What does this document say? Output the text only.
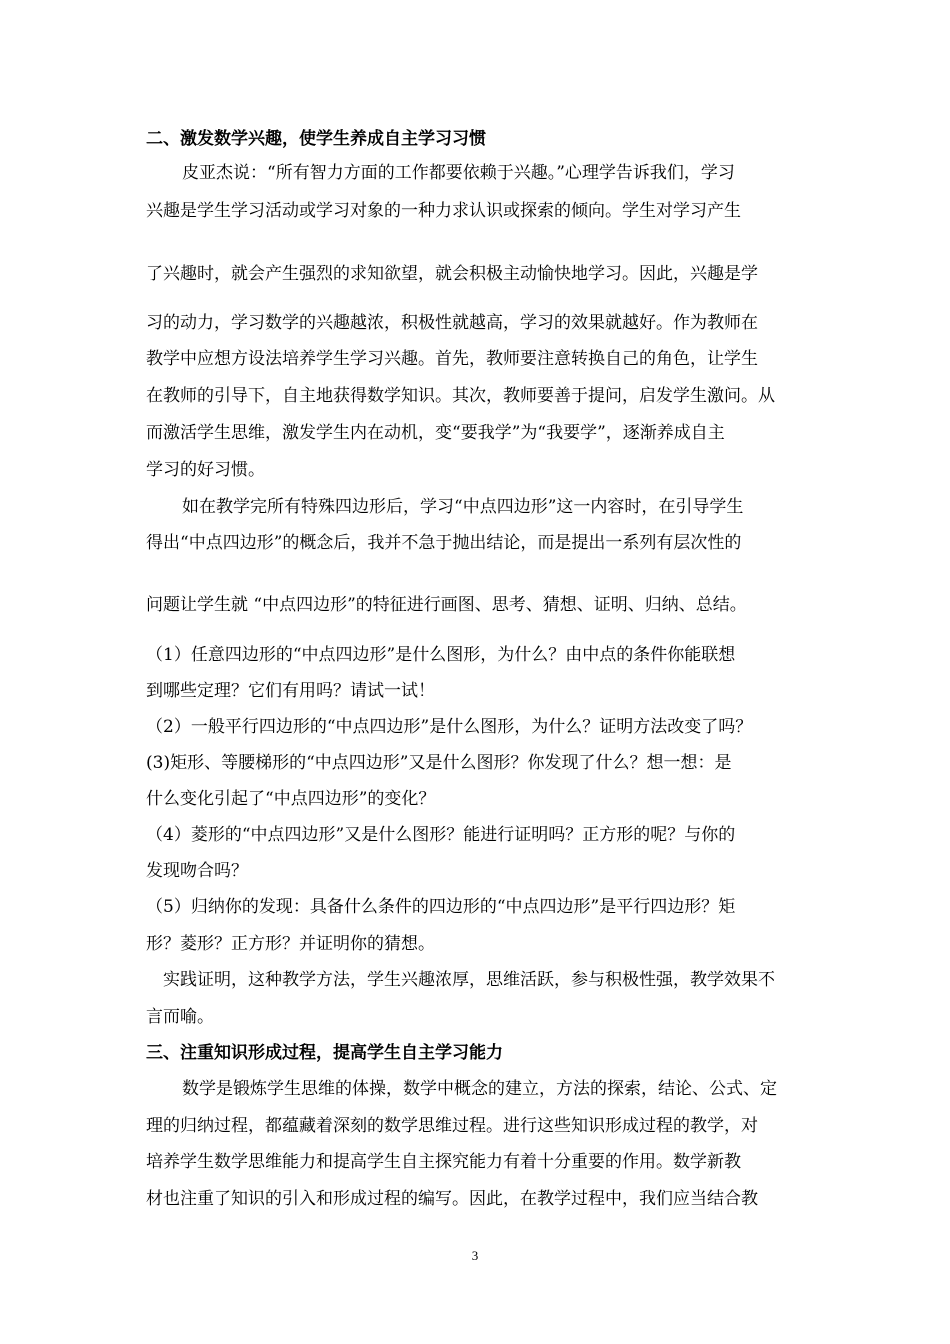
二、激发数学兴趣，使学生养成自主学习习惯
皮亚杰说：“所有智力方面的工作都要依赖于兴趣。”心理学告诉我们，学习
兴趣是学生学习活动或学习对象的一种力求认识或探索的倾向。学生对学习产生
了兴趣时，就会产生强烈的求知欲望，就会积极主动愉快地学习。因此，兴趣是学
习的动力，学习数学的兴趣越浓，积极性就越高，学习的效果就越好。作为教师在
教学中应想方设法培养学生学习兴趣。首先，教师要注意转换自己的角色，让学生
在教师的引导下，自主地获得数学知识。其次，教师要善于提问，启发学生激问。从
而激活学生思维，激发学生内在动机，变“要我学”为“我要学”，逐渐养成自主
学习的好习惯。
如在教学完所有特殊四边形后，学习“中点四边形”这一内容时，在引导学生
得出“中点四边形”的概念后，我并不急于抛出结论，而是提出一系列有层次性的
问题让学生就 “中点四边形”的特征进行画图、思考、猜想、证明、归纳、总结。
（1）任意四边形的“中点四边形”是什么图形，为什么？由中点的条件你能联想
到哪些定理？它们有用吗？请试一试！
（2）一般平行四边形的“中点四边形”是什么图形，为什么？证明方法改变了吗？
(3)矩形、等腰梯形的“中点四边形”又是什么图形？你发现了什么？想一想：是
什么变化引起了“中点四边形”的变化？
（4）菱形的“中点四边形”又是什么图形？能进行证明吗？正方形的呢？与你的
发现吻合吗？
（5）归纳你的发现：具备什么条件的四边形的“中点四边形”是平行四边形？矩
形？菱形？正方形？并证明你的猜想。
实践证明，这种教学方法，学生兴趣浓厚，思维活跃，参与积极性强，教学效果不
言而喻。
三、注重知识形成过程，提高学生自主学习能力
数学是锻炼学生思维的体操，数学中概念的建立，方法的探索，结论、公式、定
理的归纳过程，都蕴藏着深刻的数学思维过程。进行这些知识形成过程的教学，对
培养学生数学思维能力和提高学生自主探究能力有着十分重要的作用。数学新教
材也注重了知识的引入和形成过程的编写。因此，在教学过程中，我们应当结合教
3
